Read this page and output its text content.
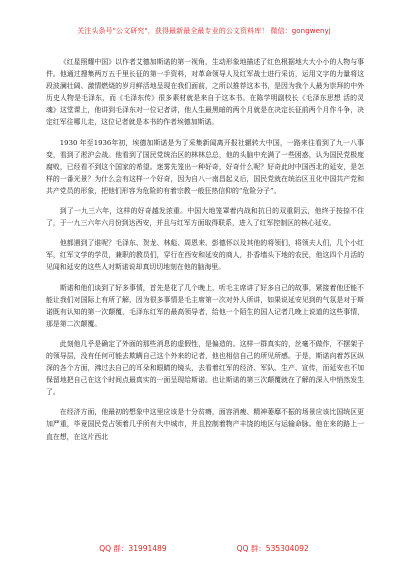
关注头条号"公文研究"，获得最新最全最专业的公文资料库！ 微信：gongwenyj

《红星照耀中国》以作者艾德加斯诺的第一视角，生动形象地描述了红色根据地大大小小的人物与事件。他通过搜集两万五千里长征的第一手资料，对革命领导人及红军战士进行采访，运用文字的力量将这段波澜壮阔、激情燃烧的岁月鲜活地呈现在我们面前，之所以推荐这本书，是因为我个人最为崇拜的中外历史人物是毛泽东，而《毛泽东传》很多素材就是来自于这本书。在陈学明副校长《毛泽东思想 活的灵魂》这堂课上，他讲到毛泽东对一位记者讲，他人生最黑暗的两个月就是在决定长征前两个月作斗争，决定红军往哪儿走，这位记者就是本书的作者埃德加斯诺。

1930 年至1936年初，埃德加斯诺是为了采集新闻离开报社辗转大中国，一路来往看到了九一八事变，看到了淞沪会战。他看到了国民党统治区的林林总总，他的头脑中充满了一些困惑，认为国民党极度腐败，已经看不到这个国家的希望。迷雾先笼出一种好奇，好奇什么呢？好奇此时中国西北的延安，是怎样的一番光景？为什么会有这样一个好奇，因为自八一南昌起义后，国民党就在统治区丑化中国共产党和共产党员的形象，把他们形容为危险的有着宗教一般狂热信仰的“危险分子”。

到了一九三六年，这样的好奇越发浓重。中国大地笼罩着内战和抗日的双重阴云，他终于按捺不住了，于一九三六年六月份到达西安，并且与红军方面取得联系，进入了红军控制区的核心延安。

他都遇到了谁呢？毛泽东、贺龙、林彪、周恩来、彭德怀以及其他的将领们，将领夫人们，几个小红军，红军文学的学员，兼职的教员们，穿行在西安和延安的商人，扑香墙头下地的农民，他这四个月活的见闻和延安的这些人对斯诺说却真切切地刻在他的脑海里。

斯诺和他们谈到了好多事情，首先是花了几个晚上，听毛主席讲了好多自己的故事，紧接着他还能不能让我们对国际上有所了解，因为很多事情是毛主席第一次对外人所讲，如果说延安见到的气氛是对于斯诺既有认知的第一次颠覆，毛泽东红军的最高领导者，给他一个陌生的国人记者几晚上说道的这些事情，那是第二次颠覆。

此刻他几乎是确定了外面的那些消息的虚假性，是偏造的。这样一群真实的，丝毫不做作，不摆架子的领导层，没有任何可能去欺瞒自己这个外来的记者，他也相信自己的所见所感。于是，斯诺向着苏区纵深的各个方面，沸过去自己的耳朵和眼睛的镜头，去看着红军的经济、军队、生产、宣传，而延安也不加保留地把自己在这个时间点最真实的一面呈现给斯诺。也让斯诺的第三次颠覆就在了解的深入中悄然发生了。

在经济方面，他最初的想象中这里应该是十分贫瘠，面容消瘦、精神萎靡不振的场景应该比国统区更加严重，毕竟国民党占领着几乎所有大中城市，并且控制着物产丰饶的地区与运输命脉。他在来的路上一直在想，在这片西北

QQ 群：31991489	QQ 群：535304092
